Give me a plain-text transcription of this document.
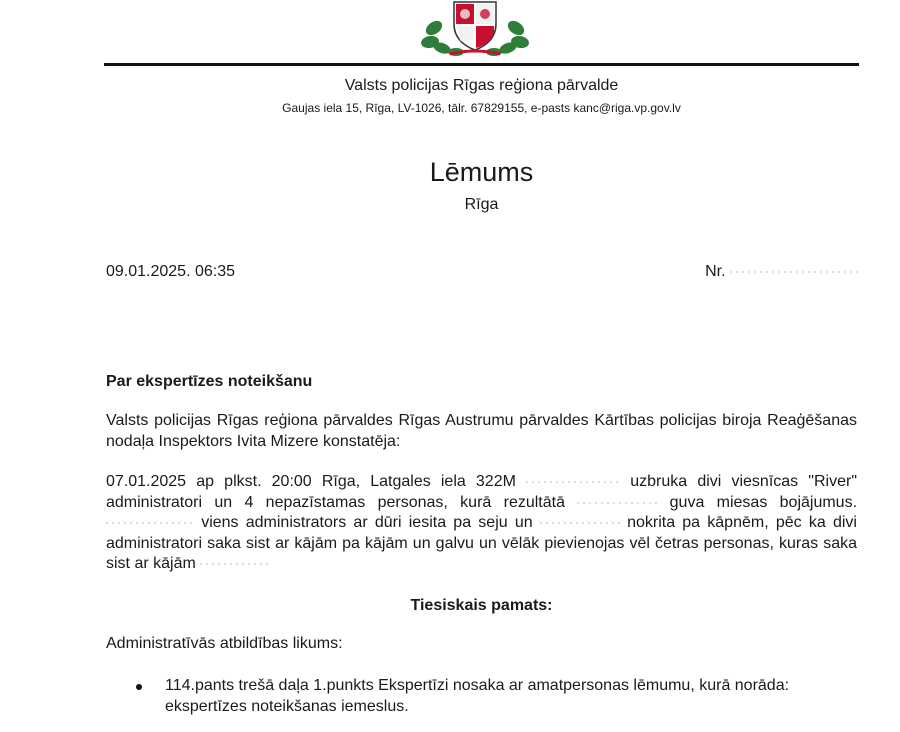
Valsts policijas Rīgas reģiona pārvalde
Gaujas iela 15, Rīga, LV-1026, tālr. 67829155, e-pasts kanc@riga.vp.gov.lv
Lēmums
Rīga
09.01.2025. 06:35	Nr.
Par ekspertīzes noteikšanu
Valsts policijas Rīgas reģiona pārvaldes Rīgas Austrumu pārvaldes Kārtības policijas biroja Reaģēšanas nodaļa Inspektors Ivita Mizere konstatēja:
07.01.2025 ap plkst. 20:00 Rīga, Latgales iela 322M	uzbruka divi viesnīcas "River" administratori un 4 nepazīstamas personas, kurā rezultātā	guva miesas bojājumus.  viens administrators ar dūri iesita pa seju un	nokrita pa kāpnēm, pēc ka divi administratori saka sist ar kājām pa kājām un galvu un vēlāk pievienojas vēl četras personas, kuras saka sist ar kājām
Tiesiskais pamats:
Administratīvās atbildības likums:
114.pants trešā daļa 1.punkts Ekspertīzi nosaka ar amatpersonas lēmumu, kurā norāda: ekspertīzes noteikšanas iemeslus.
